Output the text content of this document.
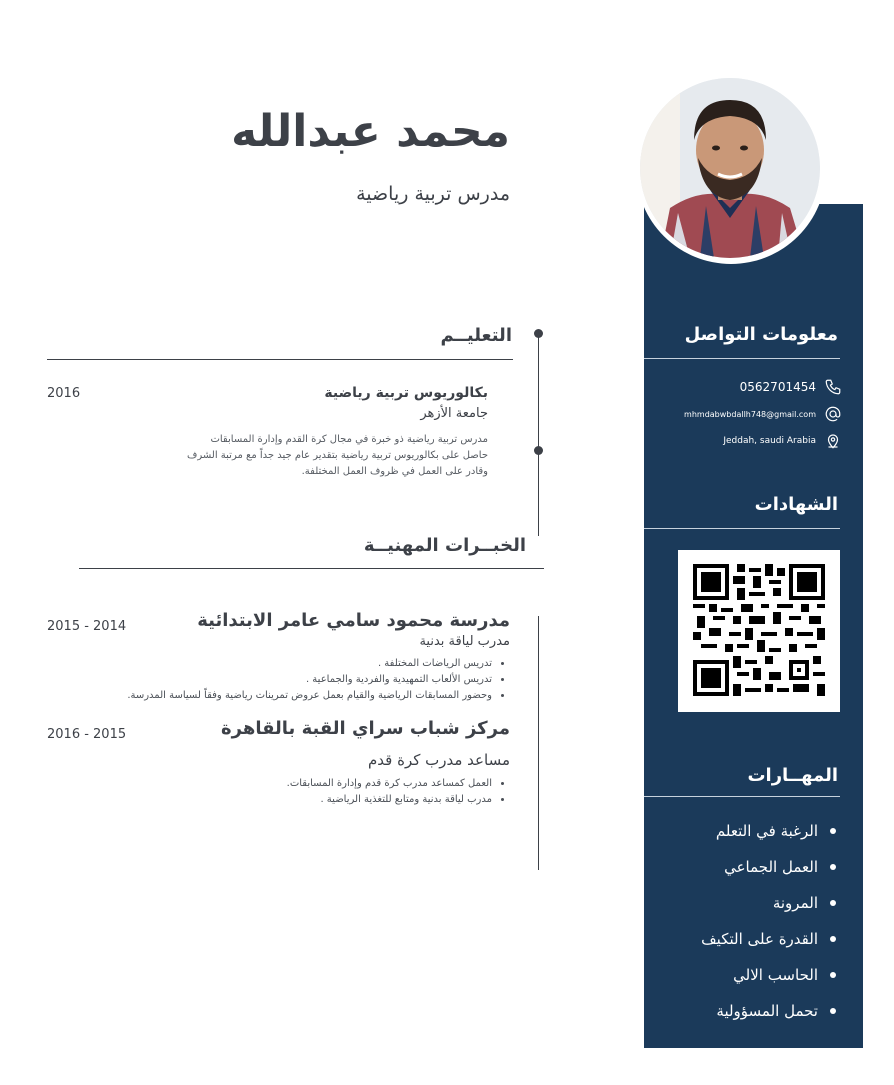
محمد عبدالله
مدرس تربية رياضية
معلومات التواصل
0562701454
mhmdabwbdallh748@gmail.com
Jeddah, saudi Arabia
الشهادات
المهــارات
الرغبة في التعلم
العمل الجماعي
المرونة
القدرة على التكيف
الحاسب الالي
تحمل المسؤولية
التعليــم
2016	بكالوريوس تربية رياضية
جامعة الأزهر
مدرس تربية رياضية ذو خبرة في مجال كرة القدم وإدارة المسابقات
حاصل على بكالوريوس تربية رياضية بتقدير عام جيد جداً مع مرتبة الشرف
وقادر على العمل في ظروف العمل المختلفة.
الخبــرات المهنيــة
2015 - 2014	مدرسة محمود سامي عامر الابتدائية
مدرب لياقة بدنية
• تدريس الرياضات المختلفة .
• تدريس الألعاب التمهيدية والفردية والجماعية .
• وحضور المسابقات الرياضية والقيام بعمل عروض تمرينات رياضية وفقاً لسياسة المدرسة.
2016 - 2015	مركز شباب سراي القبة بالقاهرة
مساعد مدرب كرة قدم
• العمل كمساعد مدرب كرة قدم وإدارة المسابقات.
• مدرب لياقة بدنية ومتابع للتغذية الرياضية .
